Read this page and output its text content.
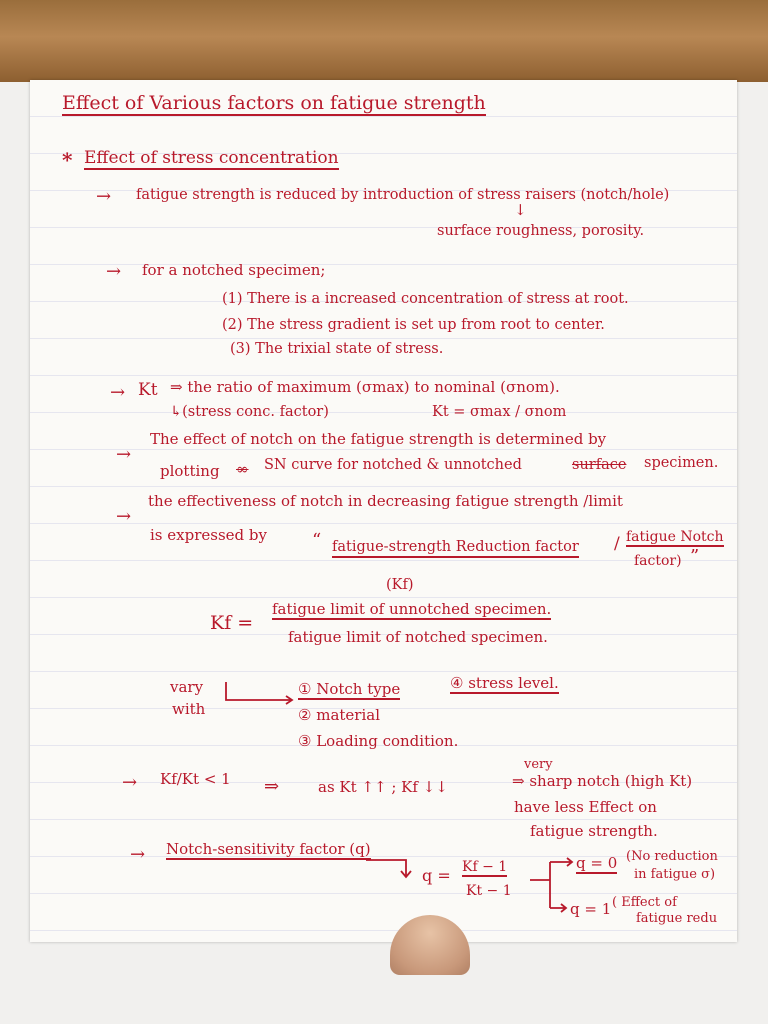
Effect of Various factors on fatigue strength
* Effect of stress concentration
→ fatigue strength is reduced by introduction of stress raisers (notch/hole)
↓
surface roughness, porosity.
→ for a notched specimen;
(1) There is a increased concentration of stress at root.
(2) The stress gradient is set up from root to center.
(3) The trixial state of stress.
→ Kt ⇒ the ratio of maximum (σmax) to nominal (σnom).
↳(stress conc. factor)	Kt = σmax / σnom
→
The effect of notch on the fatigue strength is determined by
plotting ∞ SN curve for notched & unnotched	surface specimen.
→
the effectiveness of notch in decreasing fatigue strength /limit
is expressed by	“ fatigue-strength Reduction factor / fatigue Notch
factor) ”
(Kf)
Kf =
fatigue limit of unnotched specimen.
fatigue limit of notched specimen.
vary
with
① Notch type
② material
③ Loading condition.
④ stress level.
→ Kf/Kt < 1 ⇒	as Kt ↑↑ ; Kf ↓↓
very
⇒ sharp notch (high Kt)
have less Effect on
fatigue strength.
→ Notch-sensitivity factor (q)
q = Kf − 1
Kt − 1
q = 0 (No reduction
in fatigue σ)
q = 1 ( Effect of
fatigue redu
